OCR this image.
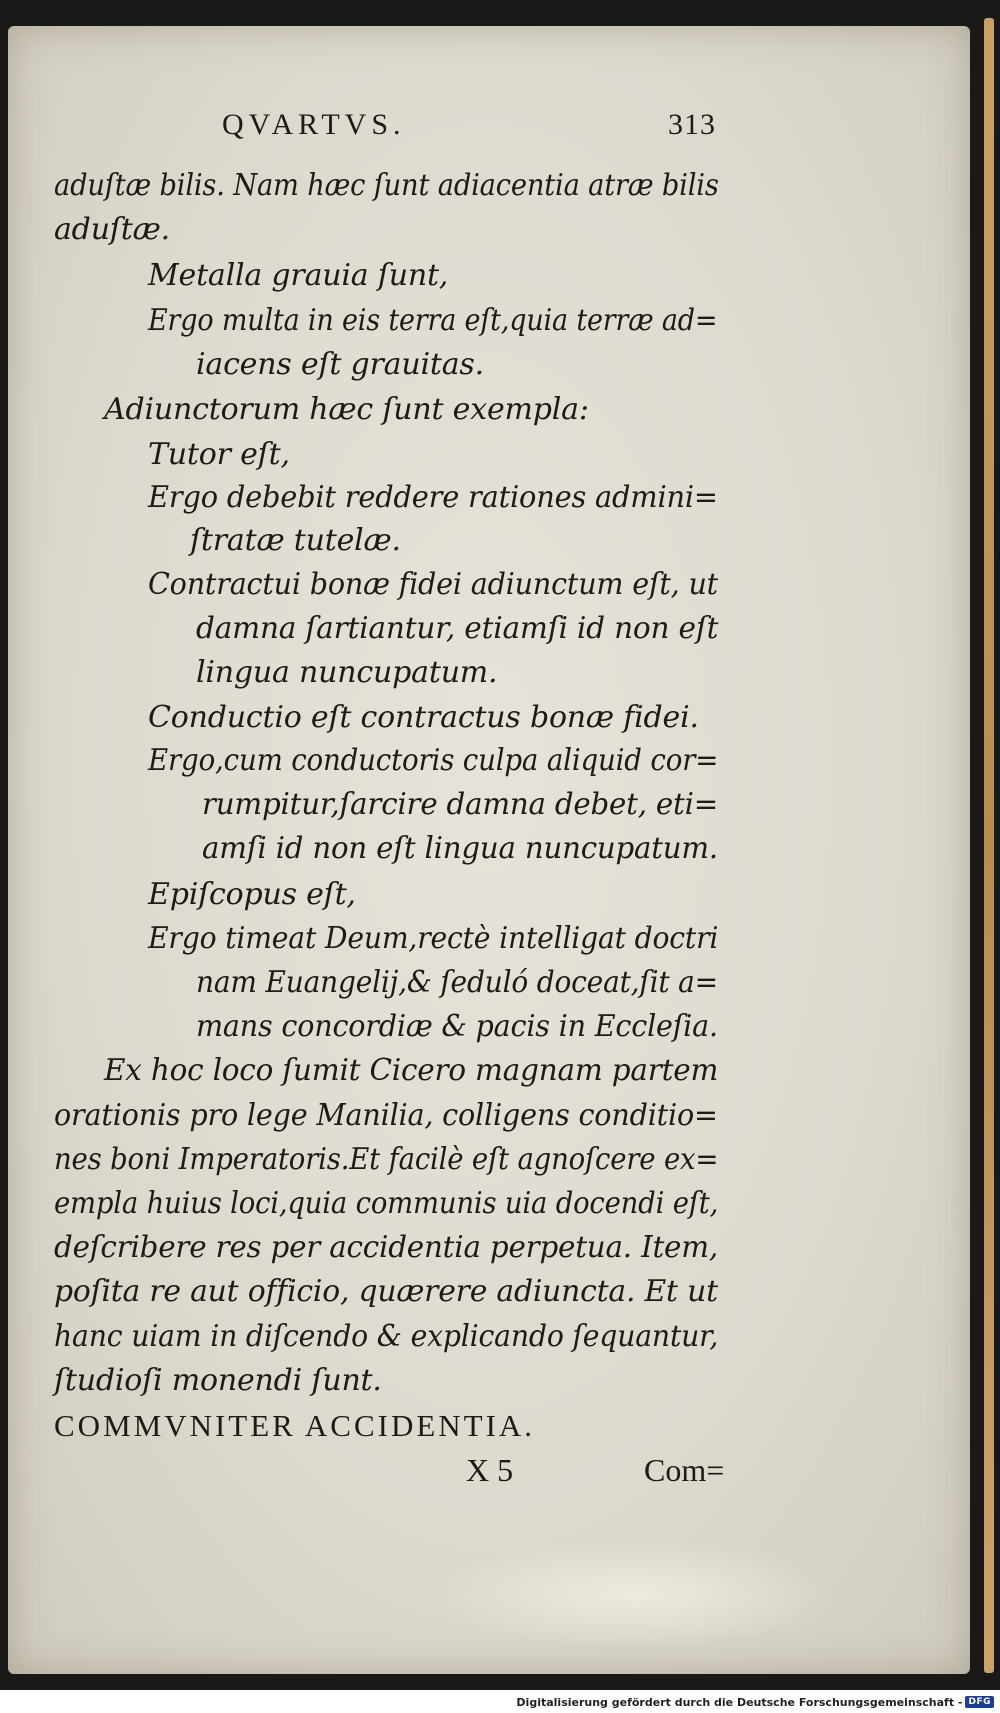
QVARTVS.	313
aduſtæ bilis. Nam hæc ſunt adiacentia atræ bilis
aduſtæ.
Metalla grauia ſunt,
Ergo multa in eis terra eſt,quia terræ ad=
iacens eſt grauitas.
Adiunctorum hæc ſunt exempla:
Tutor eſt,
Ergo debebit reddere rationes admini=
ſtratæ tutelæ.
Contractui bonæ fidei adiunctum eſt, ut
damna ſartiantur, etiamſi id non eſt
lingua nuncupatum.
Conductio eſt contractus bonæ fidei.
Ergo,cum conductoris culpa aliquid cor=
rumpitur,ſarcire damna debet, eti=
amſi id non eſt lingua nuncupatum.
Epiſcopus eſt,
Ergo timeat Deum,rectè intelligat doctri
nam Euangelij,& ſeduló doceat,ſit a=
mans concordiæ & pacis in Eccleſia.
Ex hoc loco ſumit Cicero magnam partem
orationis pro lege Manilia, colligens conditio=
nes boni Imperatoris.Et facilè eſt agnoſcere ex=
empla huius loci,quia communis uia docendi eſt,
deſcribere res per accidentia perpetua. Item,
poſita re aut officio, quærere adiuncta. Et ut
hanc uiam in diſcendo & explicando ſequantur,
ſtudioſi monendi ſunt.
COMMVNITER ACCIDENTIA.
X 5	Com=
Digitalisierung gefördert durch die Deutsche Forschungsgemeinschaft - DFG
